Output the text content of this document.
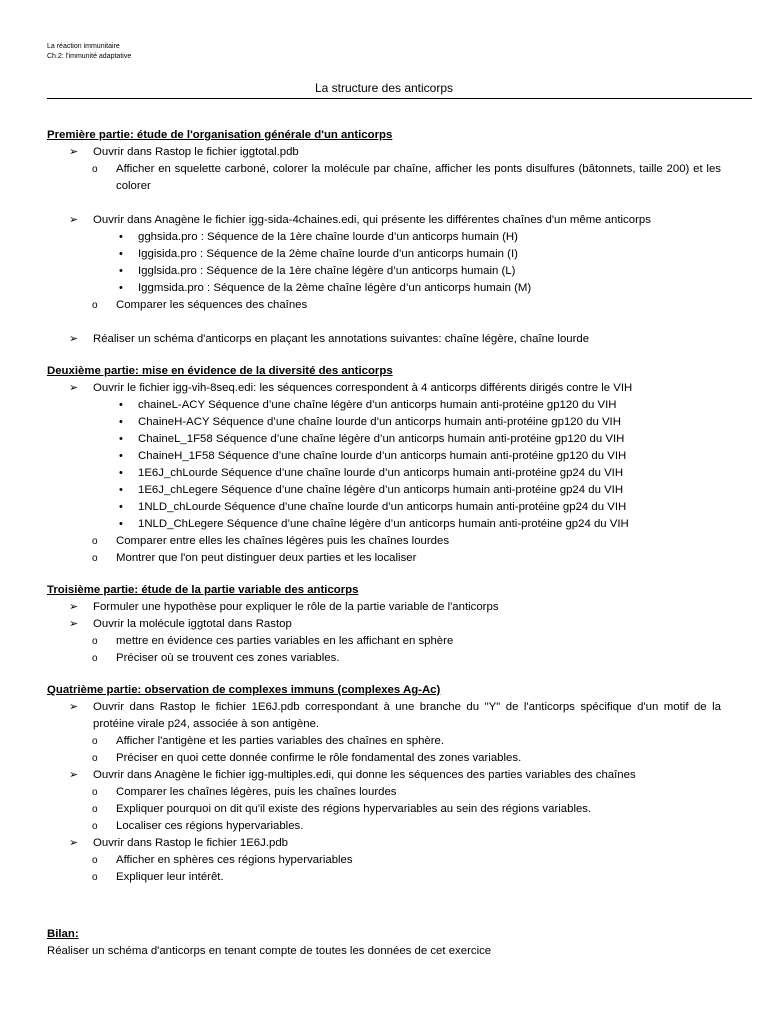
La réaction immunitaire
Ch.2: l'immunité adaptative
La structure des anticorps

Première partie: étude de l'organisation générale d'un anticorps

➢ Ouvrir dans Rastop le fichier iggtotal.pdb
o Afficher en squelette carboné, colorer la molécule par chaîne, afficher les ponts disulfures (bâtonnets, taille 200) et les colorer
➢ Ouvrir dans Anagène le fichier igg-sida-4chaines.edi, qui présente les différentes chaînes d'un même anticorps
• gghsida.pro : Séquence de la 1ère chaîne lourde d’un anticorps humain (H)
• Iggisida.pro : Séquence de la 2ème chaîne lourde d’un anticorps humain (I)
• Igglsida.pro : Séquence de la 1ère chaîne légère d’un anticorps humain (L)
• Iggmsida.pro : Séquence de la 2ème chaîne légère d’un anticorps humain (M)
o Comparer les séquences des chaînes
➢ Réaliser un schéma d'anticorps en plaçant les annotations suivantes: chaîne légère, chaîne lourde

Deuxième partie: mise en évidence de la diversité des anticorps

➢ Ouvrir le fichier igg-vih-8seq.edi: les séquences correspondent à 4 anticorps différents dirigés contre le VIH
• chaineL-ACY Séquence d’une chaîne légère d’un anticorps humain anti-protéine gp120 du VIH
• ChaineH-ACY Séquence d’une chaîne lourde d’un anticorps humain anti-protéine gp120 du VIH
• ChaineL_1F58 Séquence d’une chaîne légère d’un anticorps humain anti-protéine gp120 du VIH
• ChaineH_1F58 Séquence d’une chaîne lourde d’un anticorps humain anti-protéine gp120 du VIH
• 1E6J_chLourde Séquence d’une chaîne lourde d’un anticorps humain anti-protéine gp24 du VIH
• 1E6J_chLegere Séquence d’une chaîne légère d’un anticorps humain anti-protéine gp24 du VIH
• 1NLD_chLourde Séquence d’une chaîne lourde d’un anticorps humain anti-protéine gp24 du VIH
• 1NLD_ChLegere Séquence d’une chaîne légère d’un anticorps humain anti-protéine gp24 du VIH
o Comparer entre elles les chaînes légères puis les chaînes lourdes
o Montrer que l'on peut distinguer deux parties et les localiser

Troisième partie: étude de la partie variable des anticorps

➢ Formuler une hypothèse pour expliquer le rôle de la partie variable de l'anticorps
➢ Ouvrir la molécule iggtotal dans Rastop
o mettre en évidence ces parties variables en les affichant en sphère
o Préciser où se trouvent ces zones variables.

Quatrième partie: observation de complexes immuns (complexes Ag-Ac)

➢ Ouvrir dans Rastop le fichier 1E6J.pdb correspondant à une branche du "Y" de l'anticorps spécifique d'un motif de la protéine virale p24, associée à son antigène.
o Afficher l'antigène et les parties variables des chaînes en sphère.
o Préciser en quoi cette donnée confirme le rôle fondamental des zones variables.
➢ Ouvrir dans Anagène le fichier igg-multiples.edi, qui donne les séquences des parties variables des chaînes
o Comparer les chaînes légères, puis les chaînes lourdes
o Expliquer pourquoi on dit qu'il existe des régions hypervariables au sein des régions variables.
o Localiser ces régions hypervariables.
➢ Ouvrir dans Rastop le fichier 1E6J.pdb
o Afficher en sphères ces régions hypervariables
o Expliquer leur intérêt.

Bilan:

Réaliser un schéma d'anticorps en tenant compte de toutes les données de cet exercice
